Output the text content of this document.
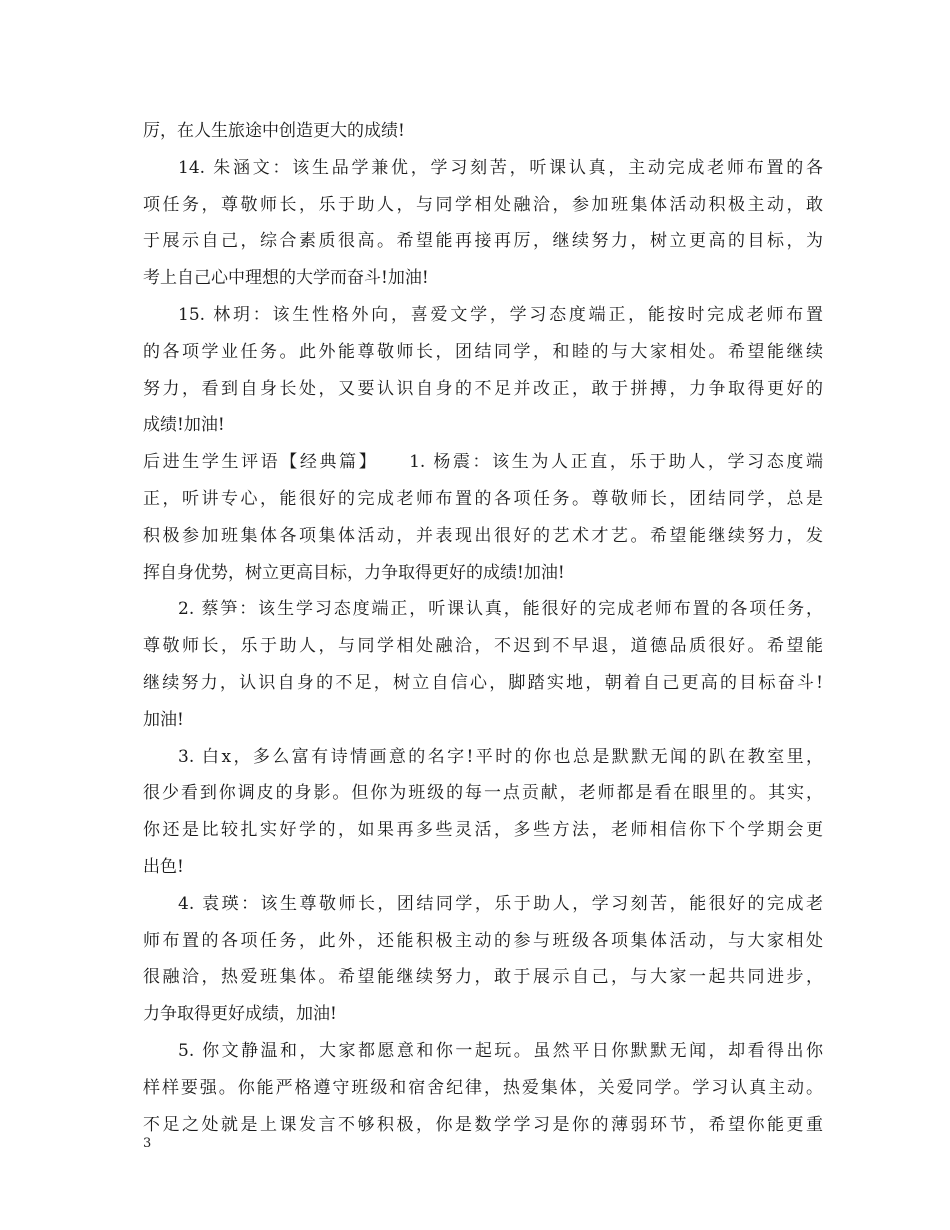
厉，在人生旅途中创造更大的成绩!
14. 朱涵文：该生品学兼优，学习刻苦，听课认真，主动完成老师布置的各
项任务，尊敬师长，乐于助人，与同学相处融洽，参加班集体活动积极主动，敢
于展示自己，综合素质很高。希望能再接再厉，继续努力，树立更高的目标，为
考上自己心中理想的大学而奋斗!加油!
15. 林玥：该生性格外向，喜爱文学，学习态度端正，能按时完成老师布置
的各项学业任务。此外能尊敬师长，团结同学，和睦的与大家相处。希望能继续
努力，看到自身长处，又要认识自身的不足并改正，敢于拼搏，力争取得更好的
成绩!加油!
后进生学生评语【经典篇】　　1. 杨震：该生为人正直，乐于助人，学习态度端
正，听讲专心，能很好的完成老师布置的各项任务。尊敬师长，团结同学，总是
积极参加班集体各项集体活动，并表现出很好的艺术才艺。希望能继续努力，发
挥自身优势，树立更高目标，力争取得更好的成绩!加油!
2. 蔡笋：该生学习态度端正，听课认真，能很好的完成老师布置的各项任务，
尊敬师长，乐于助人，与同学相处融洽，不迟到不早退，道德品质很好。希望能
继续努力，认识自身的不足，树立自信心，脚踏实地，朝着自己更高的目标奋斗!
加油!
3. 白x，多么富有诗情画意的名字!平时的你也总是默默无闻的趴在教室里，
很少看到你调皮的身影。但你为班级的每一点贡献，老师都是看在眼里的。其实，
你还是比较扎实好学的，如果再多些灵活，多些方法，老师相信你下个学期会更
出色!
4. 袁瑛：该生尊敬师长，团结同学，乐于助人，学习刻苦，能很好的完成老
师布置的各项任务，此外，还能积极主动的参与班级各项集体活动，与大家相处
很融洽，热爱班集体。希望能继续努力，敢于展示自己，与大家一起共同进步，
力争取得更好成绩，加油!
5. 你文静温和，大家都愿意和你一起玩。虽然平日你默默无闻，却看得出你
样样要强。你能严格遵守班级和宿舍纪律，热爱集体，关爱同学。学习认真主动。
不足之处就是上课发言不够积极，你是数学学习是你的薄弱环节，希望你能更重
3
